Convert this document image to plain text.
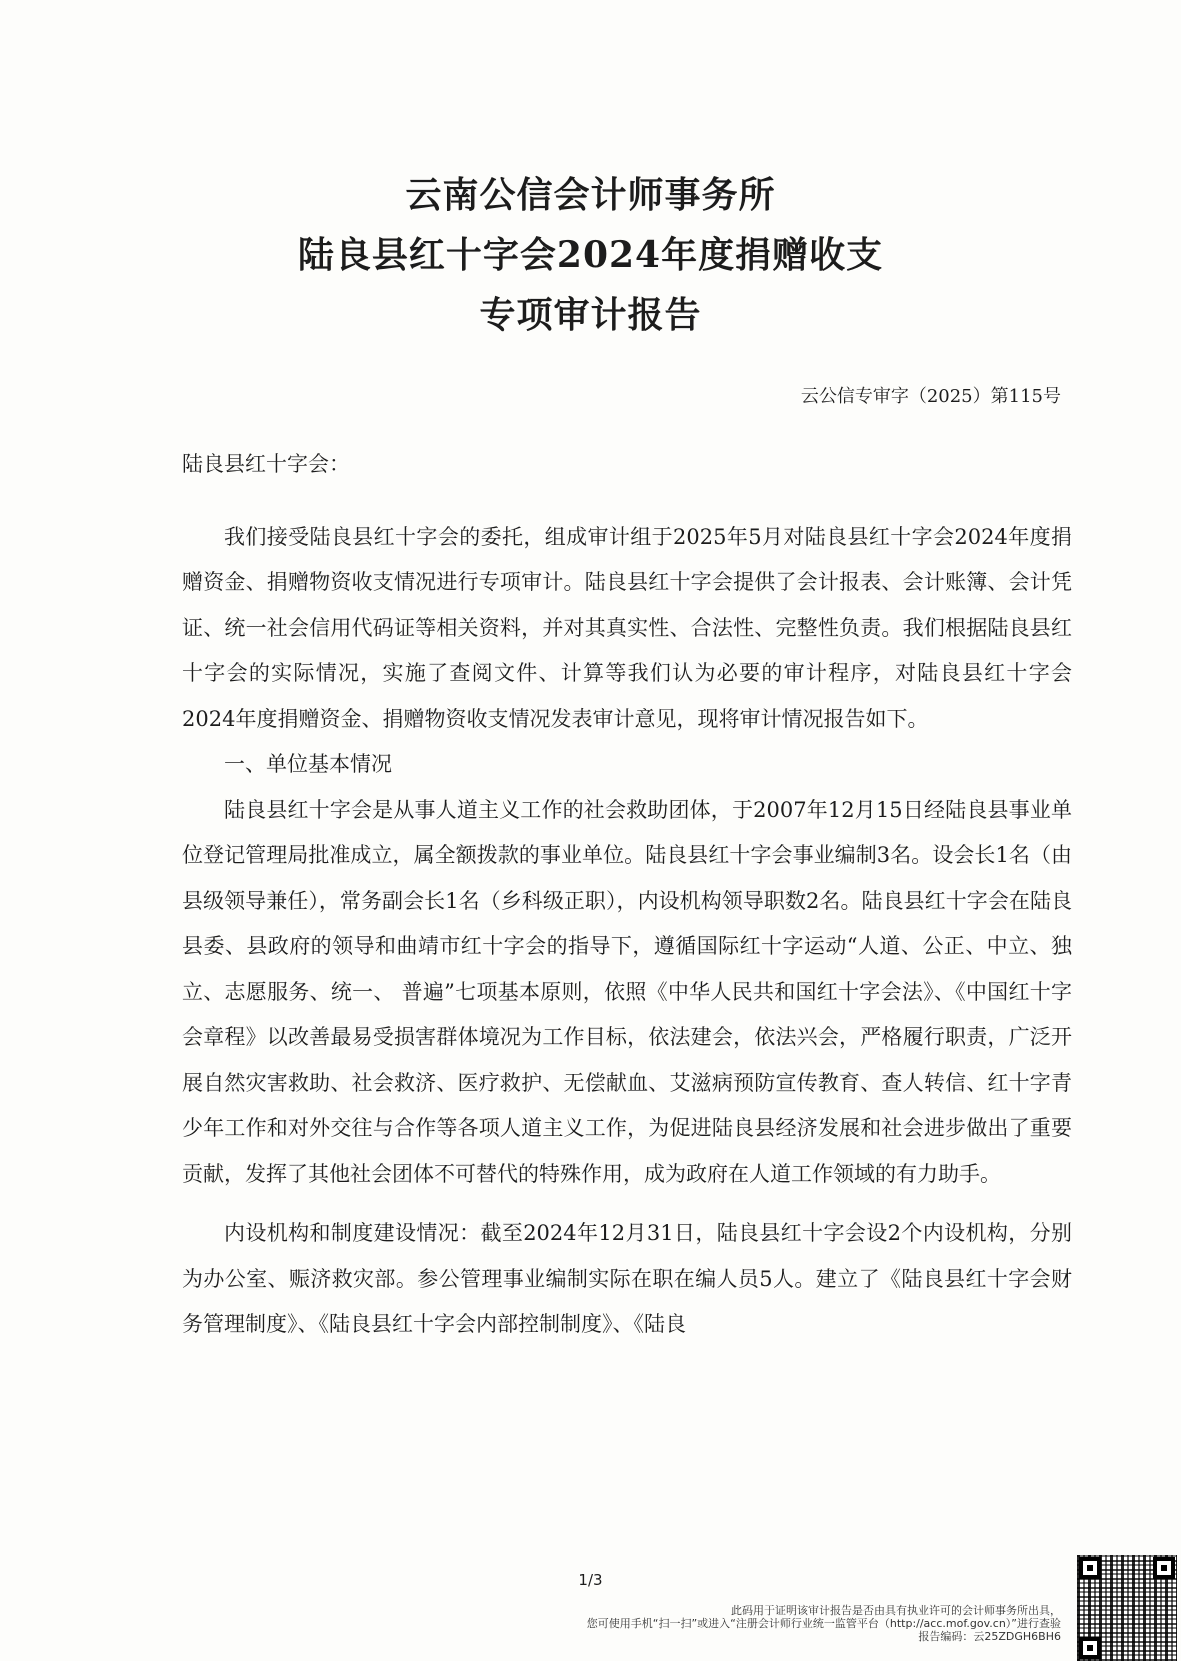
云南公信会计师事务所
陆良县红十字会2024年度捐赠收支
专项审计报告
云公信专审字（2025）第115号

陆良县红十字会：

我们接受陆良县红十字会的委托，组成审计组于2025年5月对陆良县红十字会2024年度捐赠资金、捐赠物资收支情况进行专项审计。陆良县红十字会提供了会计报表、会计账簿、会计凭证、统一社会信用代码证等相关资料，并对其真实性、合法性、完整性负责。我们根据陆良县红十字会的实际情况，实施了查阅文件、计算等我们认为必要的审计程序，对陆良县红十字会2024年度捐赠资金、捐赠物资收支情况发表审计意见，现将审计情况报告如下。

一、单位基本情况

陆良县红十字会是从事人道主义工作的社会救助团体，于2007年12月15日经陆良县事业单位登记管理局批准成立，属全额拨款的事业单位。陆良县红十字会事业编制3名。设会长1名（由县级领导兼任），常务副会长1名（乡科级正职），内设机构领导职数2名。陆良县红十字会在陆良县委、县政府的领导和曲靖市红十字会的指导下，遵循国际红十字运动“人道、公正、中立、独立、志愿服务、统一、 普遍”七项基本原则，依照《中华人民共和国红十字会法》、《中国红十字会章程》以改善最易受损害群体境况为工作目标，依法建会，依法兴会，严格履行职责，广泛开展自然灾害救助、社会救济、医疗救护、无偿献血、艾滋病预防宣传教育、查人转信、红十字青少年工作和对外交往与合作等各项人道主义工作，为促进陆良县经济发展和社会进步做出了重要贡献，发挥了其他社会团体不可替代的特殊作用，成为政府在人道工作领域的有力助手。

内设机构和制度建设情况：截至2024年12月31日，陆良县红十字会设2个内设机构，分别为办公室、赈济救灾部。参公管理事业编制实际在职在编人员5人。建立了《陆良县红十字会财务管理制度》、《陆良县红十字会内部控制制度》、《陆良

1/3
此码用于证明该审计报告是否由具有执业许可的会计师事务所出具，
您可使用手机“扫一扫”或进入“注册会计师行业统一监管平台（http://acc.mof.gov.cn）”进行查验
报告编码：云25ZDGH6BH6
